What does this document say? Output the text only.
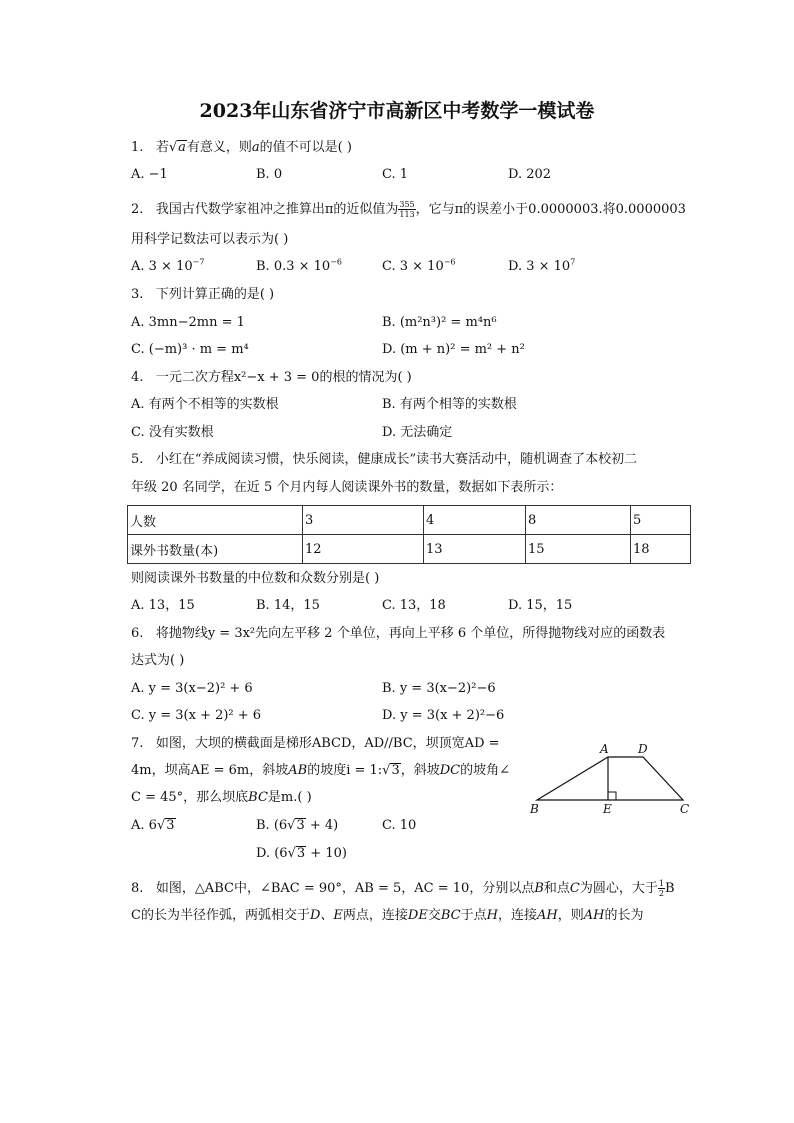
2023年山东省济宁市高新区中考数学一模试卷
1. 若√a有意义，则a的值不可以是( )
A. −1	B. 0	C. 1	D. 202
2. 我国古代数学家祖冲之推算出π的近似值为 $\frac{355}{113}$ ，它与π的误差小于0.0000003.将0.0000003
用科学记数法可以表示为( )
A. $3 \times 10^{-7}$	B. $0.3 \times 10^{-6}$	C. $3 \times 10^{-6}$	D. $3 \times 10^7$
3. 下列计算正确的是( )
A. 3mn−2mn = 1	B. (m²n³)² = m⁴n⁶
C. (−m)³ · m = m⁴	D. (m + n)² = m² + n²
4. 一元二次方程x²−x + 3 = 0的根的情况为( )
A. 有两个不相等的实数根	B. 有两个相等的实数根
C. 没有实数根	D. 无法确定
5. 小红在“养成阅读习惯，快乐阅读，健康成长”读书大赛活动中，随机调查了本校初二
年级 20 名同学，在近 5 个月内每人阅读课外书的数量，数据如下表所示：
人数	3	4	8	5
课外书数量(本)	12	13	15	18
则阅读课外书数量的中位数和众数分别是( )
A. 13，15	B. 14，15	C. 13，18	D. 15，15
6. 将抛物线y = 3x²先向左平移 2 个单位，再向上平移 6 个单位，所得抛物线对应的函数表
达式为( )
A. y = 3(x−2)² + 6	B. y = 3(x−2)²−6
C. y = 3(x + 2)² + 6	D. y = 3(x + 2)²−6
7. 如图，大坝的横截面是梯形ABCD，AD//BC，坝顶宽AD =
4m，坝高AE = 6m，斜坡AB的坡度i = 1:√3，斜坡DC的坡角∠
C = 45°，那么坝底BC是m.( )
A. 6√3	B. (6√3 + 4)	C. 10
D. (6√3 + 10)
A D
B	E	C
8. 如图，△ABC中，∠BAC = 90°，AB = 5，AC = 10，分别以点B和点C为圆心，大于 $\frac{1}{2}$ B
C的长为半径作弧，两弧相交于D、E两点，连接DE交BC于点H，连接AH，则AH的长为
